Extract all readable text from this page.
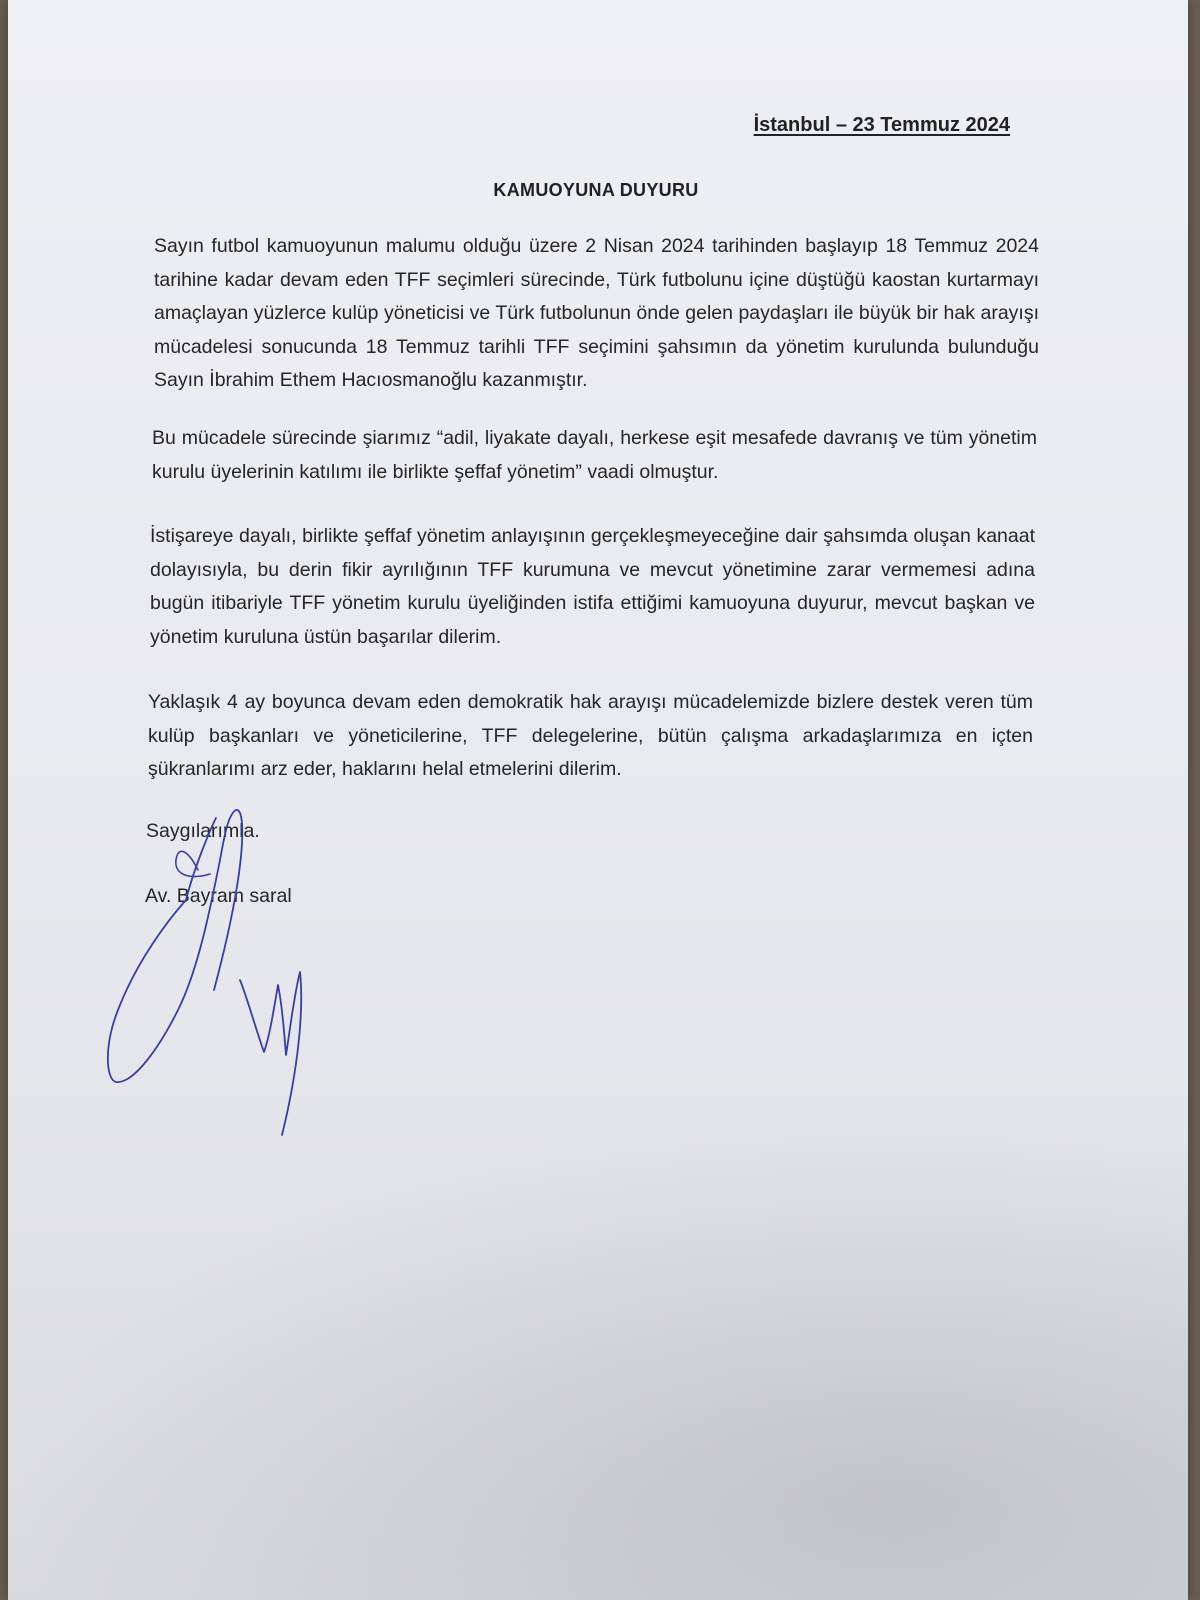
İstanbul – 23 Temmuz 2024
KAMUOYUNA DUYURU
Sayın futbol kamuoyunun malumu olduğu üzere 2 Nisan 2024 tarihinden başlayıp 18 Temmuz 2024 tarihine kadar devam eden TFF seçimleri sürecinde, Türk futbolunu içine düştüğü kaostan kurtarmayı amaçlayan yüzlerce kulüp yöneticisi ve Türk futbolunun önde gelen paydaşları ile büyük bir hak arayışı mücadelesi sonucunda 18 Temmuz tarihli TFF seçimini şahsımın da yönetim kurulunda bulunduğu Sayın İbrahim Ethem Hacıosmanoğlu kazanmıştır.
Bu mücadele sürecinde şiarımız “adil, liyakate dayalı, herkese eşit mesafede davranış ve tüm yönetim kurulu üyelerinin katılımı ile birlikte şeffaf yönetim” vaadi olmuştur.
İstişareye dayalı, birlikte şeffaf yönetim anlayışının gerçekleşmeyeceğine dair şahsımda oluşan kanaat dolayısıyla, bu derin fikir ayrılığının TFF kurumuna ve mevcut yönetimine zarar vermemesi adına bugün itibariyle TFF yönetim kurulu üyeliğinden istifa ettiğimi kamuoyuna duyurur, mevcut başkan ve yönetim kuruluna üstün başarılar dilerim.
Yaklaşık 4 ay boyunca devam eden demokratik hak arayışı mücadelemizde bizlere destek veren tüm kulüp başkanları ve yöneticilerine, TFF delegelerine, bütün çalışma arkadaşlarımıza en içten şükranlarımı arz eder, haklarını helal etmelerini dilerim.
Saygılarımla.
Av. Bayram saral
